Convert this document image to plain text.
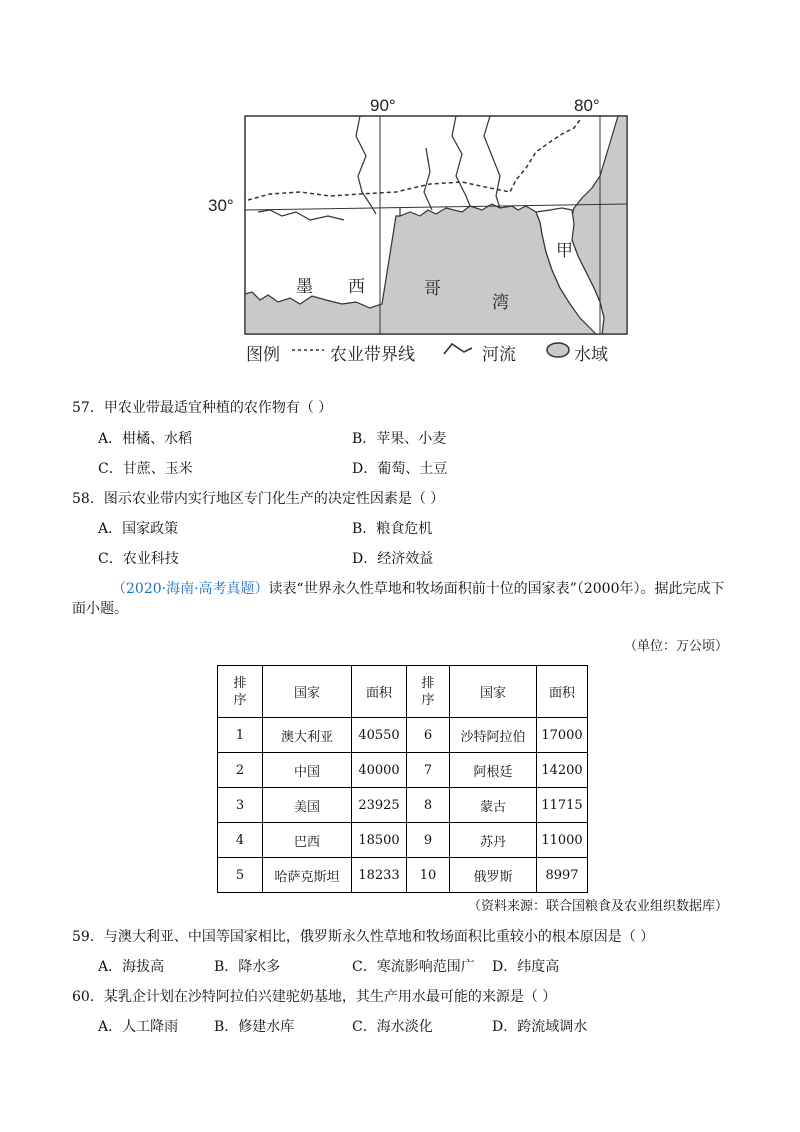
90°	80°
30°
墨 西	哥
湾
甲
图例	农业带界线	河流	水域
57．甲农业带最适宜种植的农作物有（ ）
A．柑橘、水稻	B．苹果、小麦
C．甘蔗、玉米	D．葡萄、土豆
58．图示农业带内实行地区专门化生产的决定性因素是（ ）
A．国家政策	B．粮食危机
C．农业科技	D．经济效益
（2020·海南·高考真题）读表“世界永久性草地和牧场面积前十位的国家表”（2000年）。据此完成下面小题。
（单位：万公顷）
排序	国家	面积	排序	国家	面积
1	澳大利亚	40550	6	沙特阿拉伯	17000
2	中国	40000	7	阿根廷	14200
3	美国	23925	8	蒙古	11715
4	巴西	18500	9	苏丹	11000
5	哈萨克斯坦	18233	10	俄罗斯	8997
（资料来源：联合国粮食及农业组织数据库）
59．与澳大利亚、中国等国家相比，俄罗斯永久性草地和牧场面积比重较小的根本原因是（ ）
A．海拔高	B．降水多	C．寒流影响范围广 D．纬度高
60．某乳企计划在沙特阿拉伯兴建驼奶基地，其生产用水最可能的来源是（ ）
A．人工降雨	B．修建水库	C．海水淡化	D．跨流域调水
